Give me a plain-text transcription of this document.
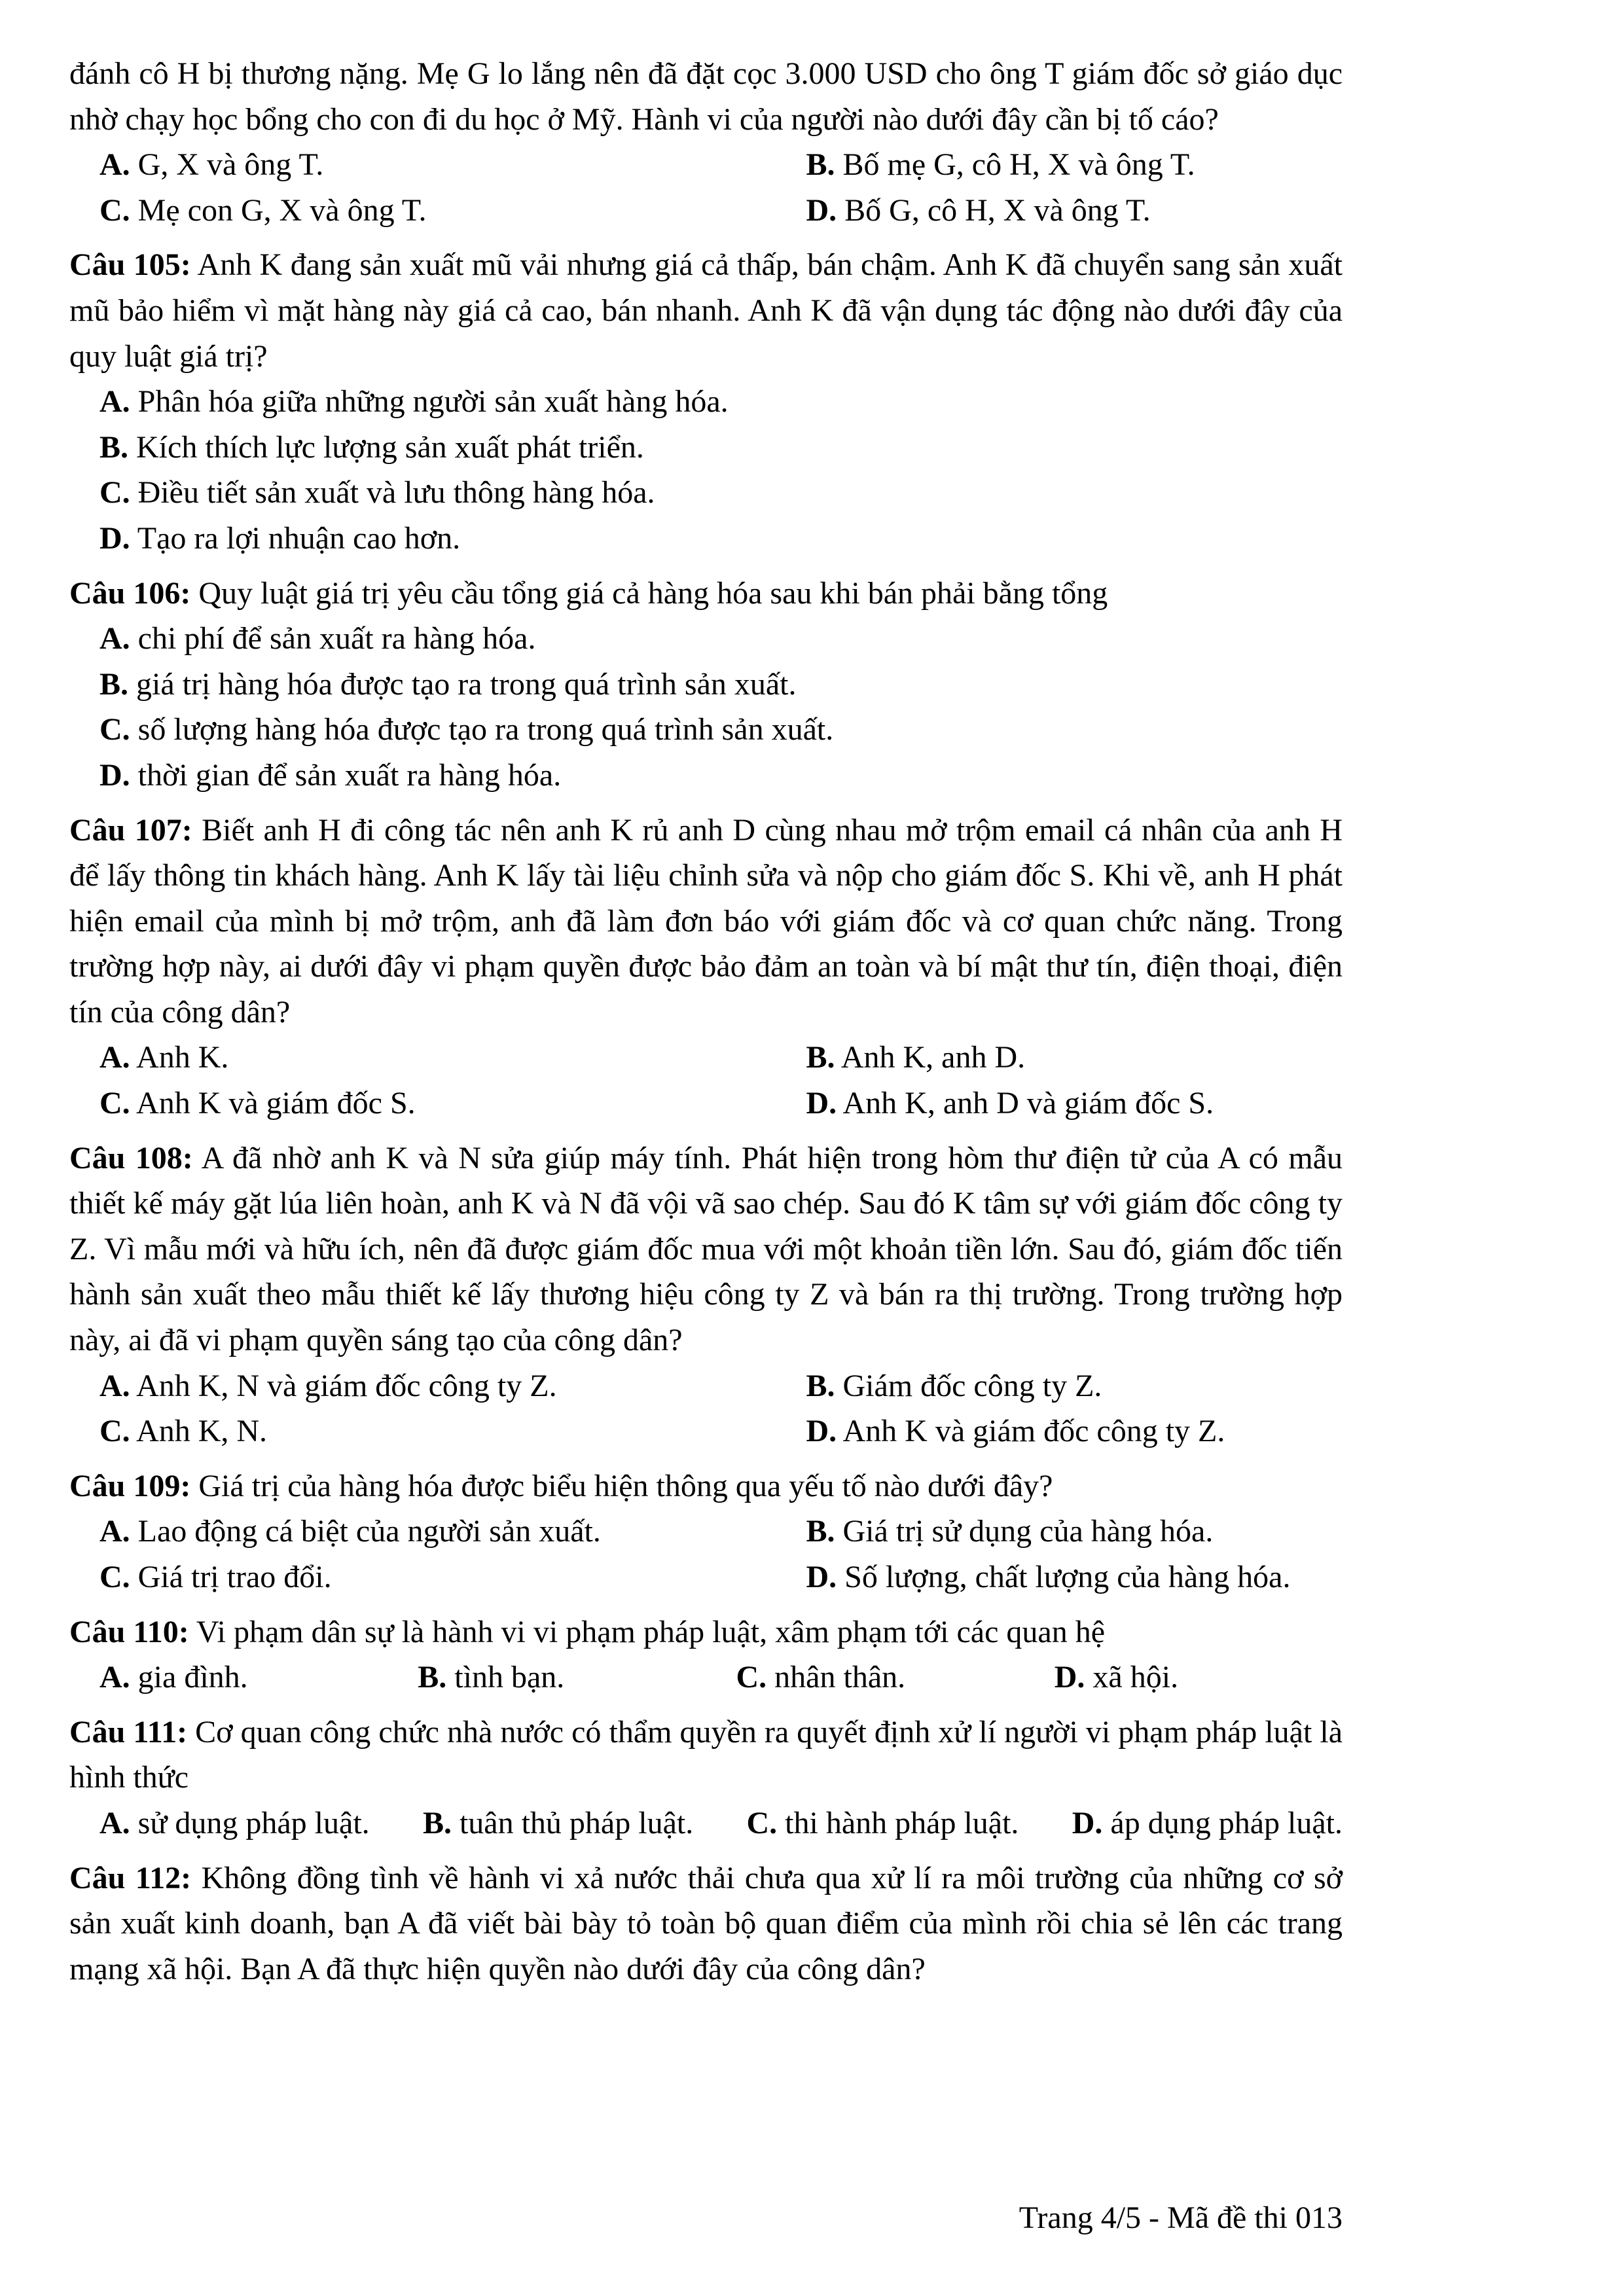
đánh cô H bị thương nặng. Mẹ G lo lắng nên đã đặt cọc 3.000 USD cho ông T giám đốc sở giáo dục nhờ chạy học bổng cho con đi du học ở Mỹ. Hành vi của người nào dưới đây cần bị tố cáo?

A. G, X và ông T.	B. Bố mẹ G, cô H, X và ông T.
C. Mẹ con G, X và ông T.	D. Bố G, cô H, X và ông T.

Câu 105: Anh K đang sản xuất mũ vải nhưng giá cả thấp, bán chậm. Anh K đã chuyển sang sản xuất mũ bảo hiểm vì mặt hàng này giá cả cao, bán nhanh. Anh K đã vận dụng tác động nào dưới đây của quy luật giá trị?

A. Phân hóa giữa những người sản xuất hàng hóa.
B. Kích thích lực lượng sản xuất phát triển.
C. Điều tiết sản xuất và lưu thông hàng hóa.
D. Tạo ra lợi nhuận cao hơn.

Câu 106: Quy luật giá trị yêu cầu tổng giá cả hàng hóa sau khi bán phải bằng tổng

A. chi phí để sản xuất ra hàng hóa.
B. giá trị hàng hóa được tạo ra trong quá trình sản xuất.
C. số lượng hàng hóa được tạo ra trong quá trình sản xuất.
D. thời gian để sản xuất ra hàng hóa.

Câu 107: Biết anh H đi công tác nên anh K rủ anh D cùng nhau mở trộm email cá nhân của anh H để lấy thông tin khách hàng. Anh K lấy tài liệu chỉnh sửa và nộp cho giám đốc S. Khi về, anh H phát hiện email của mình bị mở trộm, anh đã làm đơn báo với giám đốc và cơ quan chức năng. Trong trường hợp này, ai dưới đây vi phạm quyền được bảo đảm an toàn và bí mật thư tín, điện thoại, điện tín của công dân?

A. Anh K.	B. Anh K, anh D.
C. Anh K và giám đốc S.	D. Anh K, anh D và giám đốc S.

Câu 108: A đã nhờ anh K và N sửa giúp máy tính. Phát hiện trong hòm thư điện tử của A có mẫu thiết kế máy gặt lúa liên hoàn, anh K và N đã vội vã sao chép. Sau đó K tâm sự với giám đốc công ty Z. Vì mẫu mới và hữu ích, nên đã được giám đốc mua với một khoản tiền lớn. Sau đó, giám đốc tiến hành sản xuất theo mẫu thiết kế lấy thương hiệu công ty Z và bán ra thị trường. Trong trường hợp này, ai đã vi phạm quyền sáng tạo của công dân?

A. Anh K, N và giám đốc công ty Z.	B. Giám đốc công ty Z.
C. Anh K, N.	D. Anh K và giám đốc công ty Z.

Câu 109: Giá trị của hàng hóa được biểu hiện thông qua yếu tố nào dưới đây?

A. Lao động cá biệt của người sản xuất.	B. Giá trị sử dụng của hàng hóa.
C. Giá trị trao đổi.	D. Số lượng, chất lượng của hàng hóa.

Câu 110: Vi phạm dân sự là hành vi vi phạm pháp luật, xâm phạm tới các quan hệ

A. gia đình.	B. tình bạn.	C. nhân thân.	D. xã hội.

Câu 111: Cơ quan công chức nhà nước có thẩm quyền ra quyết định xử lí người vi phạm pháp luật là hình thức

A. sử dụng pháp luật. B. tuân thủ pháp luật. C. thi hành pháp luật. D. áp dụng pháp luật.

Câu 112: Không đồng tình về hành vi xả nước thải chưa qua xử lí ra môi trường của những cơ sở sản xuất kinh doanh, bạn A đã viết bài bày tỏ toàn bộ quan điểm của mình rồi chia sẻ lên các trang mạng xã hội. Bạn A đã thực hiện quyền nào dưới đây của công dân?

Trang 4/5 - Mã đề thi 013
